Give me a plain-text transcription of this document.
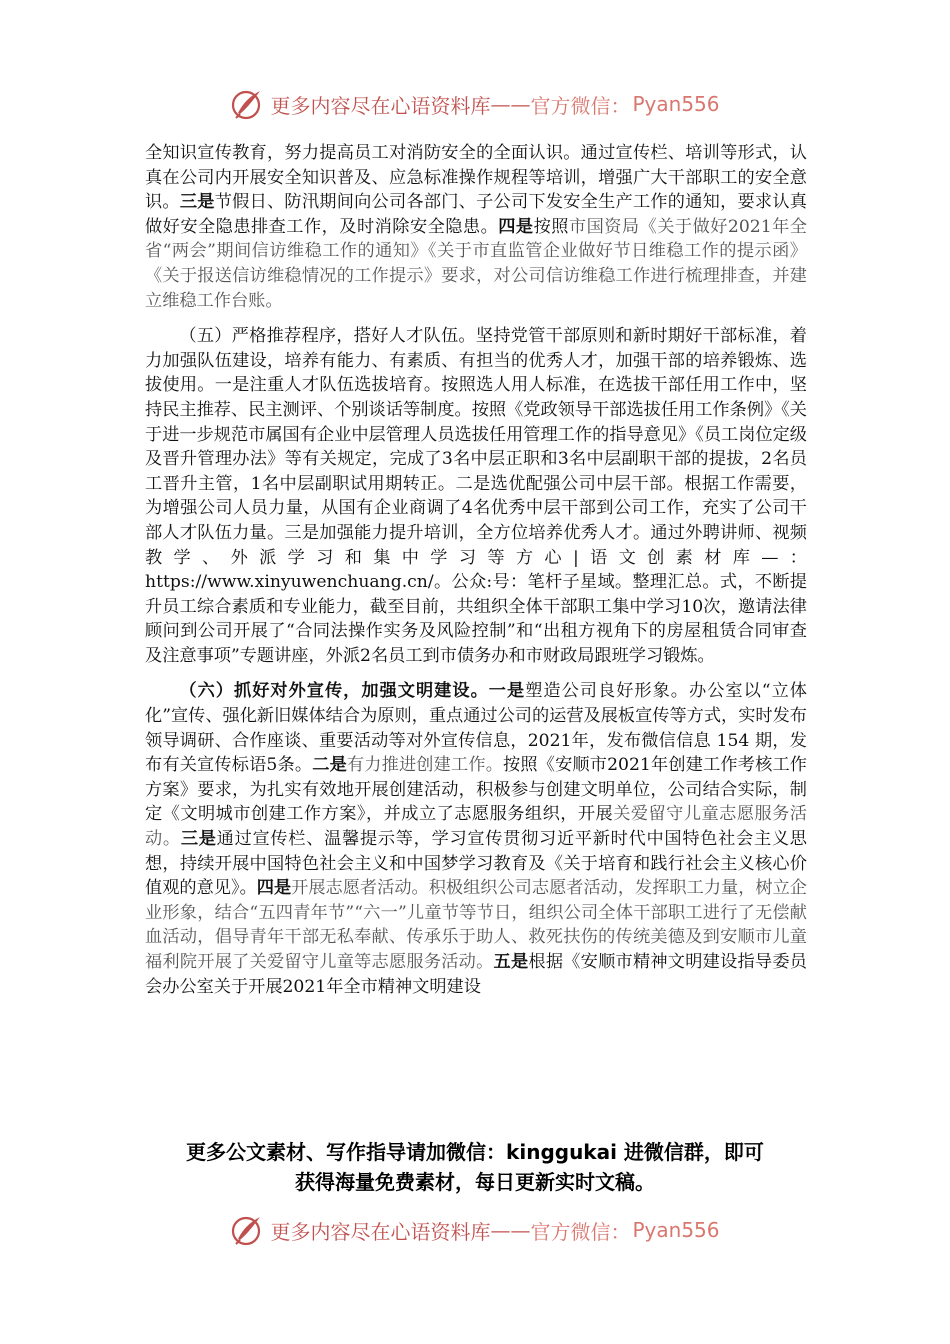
更多内容尽在心语资料库 —— 官方微信： Pyan556

全知识宣传教育，努力提高员工对消防安全的全面认识。通过宣传栏、培训等形式，认真在公司内开展安全知识普及、应急标准操作规程等培训，增强广大干部职工的安全意识。三是节假日、防汛期间向公司各部门、子公司下发安全生产工作的通知，要求认真做好安全隐患排查工作，及时消除安全隐患。四是按照市国资局《关于做好2021年全省“两会”期间信访维稳工作的通知》《关于市直监管企业做好节日维稳工作的提示函》《关于报送信访维稳情况的工作提示》要求，对公司信访维稳工作进行梳理排查，并建立维稳工作台账。

（五）严格推荐程序，搭好人才队伍。坚持党管干部原则和新时期好干部标准，着力加强队伍建设，培养有能力、有素质、有担当的优秀人才，加强干部的培养锻炼、选拔使用。一是注重人才队伍选拔培育。按照选人用人标准，在选拔干部任用工作中，坚持民主推荐、民主测评、个别谈话等制度。按照《党政领导干部选拔任用工作条例》《关于进一步规范市属国有企业中层管理人员选拔任用管理工作的指导意见》《员工岗位定级及晋升管理办法》等有关规定，完成了3名中层正职和3名中层副职干部的提拔，2名员工晋升主管，1名中层副职试用期转正。二是选优配强公司中层干部。根据工作需要，为增强公司人员力量，从国有企业商调了4名优秀中层干部到公司工作，充实了公司干部人才队伍力量。三是加强能力提升培训，全方位培养优秀人才。通过外聘讲师、视频教学、外派学习和集中学习等方心|语文创素材库—：https://www.xinyuwenchuang.cn/。公众:号：笔杆子星域。整理汇总。式，不断提升员工综合素质和专业能力，截至目前，共组织全体干部职工集中学习10次，邀请法律顾问到公司开展了“合同法操作实务及风险控制”和“出租方视角下的房屋租赁合同审查及注意事项”专题讲座，外派2名员工到市债务办和市财政局跟班学习锻炼。

（六）抓好对外宣传，加强文明建设。一是塑造公司良好形象。办公室以“立体化”宣传、强化新旧媒体结合为原则，重点通过公司的运营及展板宣传等方式，实时发布领导调研、合作座谈、重要活动等对外宣传信息，2021年，发布微信信息 154 期，发布有关宣传标语5条。二是有力推进创建工作。按照《安顺市2021年创建工作考核工作方案》要求，为扎实有效地开展创建活动，积极参与创建文明单位，公司结合实际，制定《文明城市创建工作方案》，并成立了志愿服务组织，开展关爱留守儿童志愿服务活动。三是通过宣传栏、温馨提示等，学习宣传贯彻习近平新时代中国特色社会主义思想，持续开展中国特色社会主义和中国梦学习教育及《关于培育和践行社会主义核心价值观的意见》。四是开展志愿者活动。积极组织公司志愿者活动，发挥职工力量，树立企业形象，结合“五四青年节”“六一”儿童节等节日，组织公司全体干部职工进行了无偿献血活动，倡导青年干部无私奉献、传承乐于助人、救死扶伤的传统美德及到安顺市儿童福利院开展了关爱留守儿童等志愿服务活动。五是根据《安顺市精神文明建设指导委员会办公室关于开展2021年全市精神文明建设

更多公文素材、写作指导请加微信：kinggukai 进微信群，即可
获得海量免费素材，每日更新实时文稿。
更多内容尽在心语资料库 —— 官方微信： Pyan556
